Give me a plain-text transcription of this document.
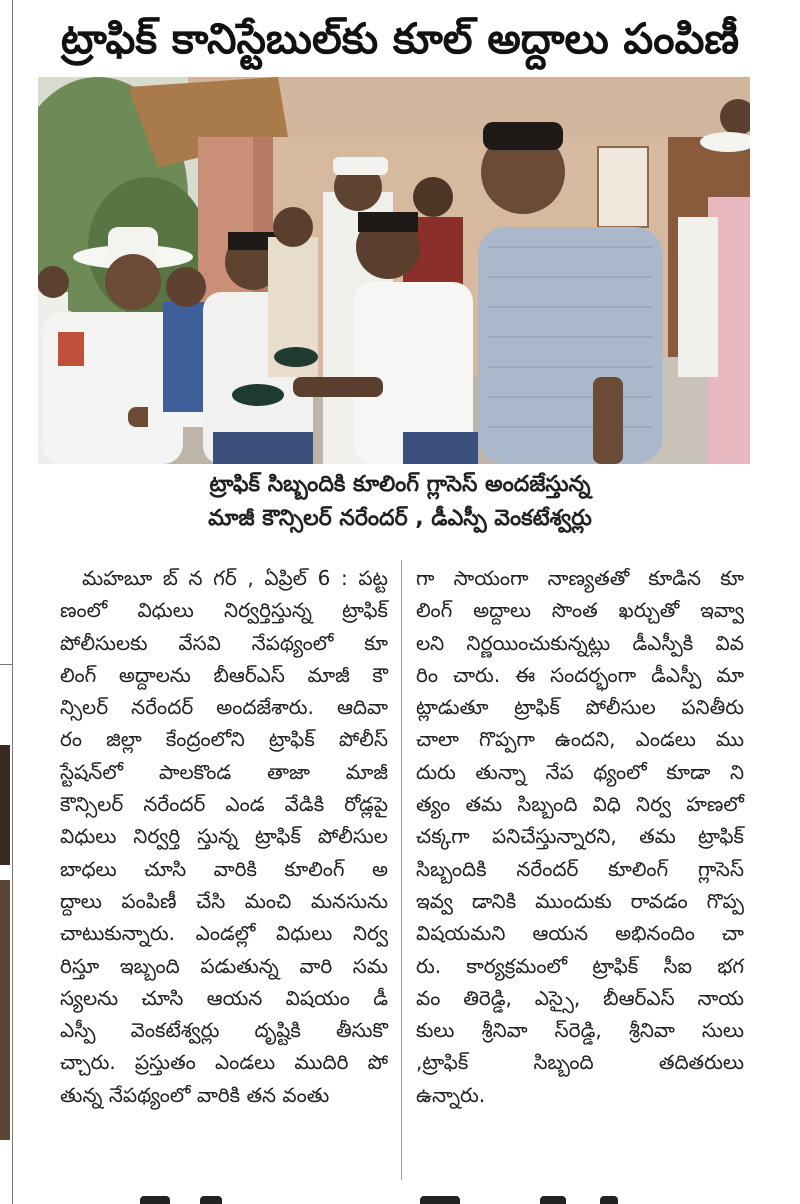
ట్రాఫిక్ కానిస్టేబుల్‌కు కూల్ అద్దాలు పంపిణీ
ట్రాఫిక్ సిబ్బందికి కూలింగ్ గ్లాసెస్ అందజేస్తున్న
మాజీ కౌన్సిలర్ నరేందర్ , డీఎస్పీ వెంకటేశ్వర్లు
మహబూ బ్ న గర్ , ఏప్రిల్ 6 : పట్ట
ణంలో విధులు నిర్వర్తిస్తున్న ట్రాఫిక్
పోలీసులకు వేసవి నేపథ్యంలో కూ
లింగ్ అద్దాలను బీఆర్ఎస్ మాజీ కౌ
న్సిలర్ నరేందర్ అందజేశారు. ఆదివా
రం జిల్లా కేంద్రంలోని ట్రాఫిక్ పోలీస్
స్టేషన్‌లో పాలకొండ తాజా మాజీ
కౌన్సిలర్ నరేందర్ ఎండ వేడికి రోడ్లపై
విధులు నిర్వర్తి స్తున్న ట్రాఫిక్ పోలీసుల
బాధలు చూసి వారికి కూలింగ్ అ
ద్దాలు పంపిణీ చేసి మంచి మనసును
చాటుకున్నారు. ఎండల్లో విధులు నిర్వ
రిస్తూ ఇబ్బంది పడుతున్న వారి సమ
స్యలను చూసి ఆయన విషయం డీ
ఎస్పీ వెంకటేశ్వర్లు దృష్టికి తీసుకొ
చ్చారు. ప్రస్తుతం ఎండలు ముదిరి పో
తున్న నేపథ్యంలో వారికి తన వంతు
గా సాయంగా నాణ్యతతో కూడిన కూ
లింగ్ అద్దాలు సొంత ఖర్చుతో ఇవ్వా
లని నిర్ణయించుకున్నట్లు డీఎస్పీకి వివ
రిం చారు. ఈ సందర్భంగా డీఎస్పీ మా
ట్లాడుతూ ట్రాఫిక్ పోలీసుల పనితీరు
చాలా గొప్పగా ఉందని, ఎండలు ము
దురు తున్నా నేప థ్యంలో కూడా ని
త్యం తమ సిబ్బంది విధి నిర్వ హణలో
చక్కగా పనిచేస్తున్నారని, తమ ట్రాఫిక్
సిబ్బందికి నరేందర్ కూలింగ్ గ్లాసెస్
ఇవ్వ డానికి ముందుకు రావడం గొప్ప
విషయమని ఆయన అభినందిం చా
రు. కార్యక్రమంలో ట్రాఫిక్ సీఐ భగ
వం తిరెడ్డి, ఎస్సై, బీఆర్ఎస్ నాయ
కులు శ్రీనివా స్‌రెడ్డి, శ్రీనివా సులు
,ట్రాఫిక్ సిబ్బంది తదితరులు
ఉన్నారు.
